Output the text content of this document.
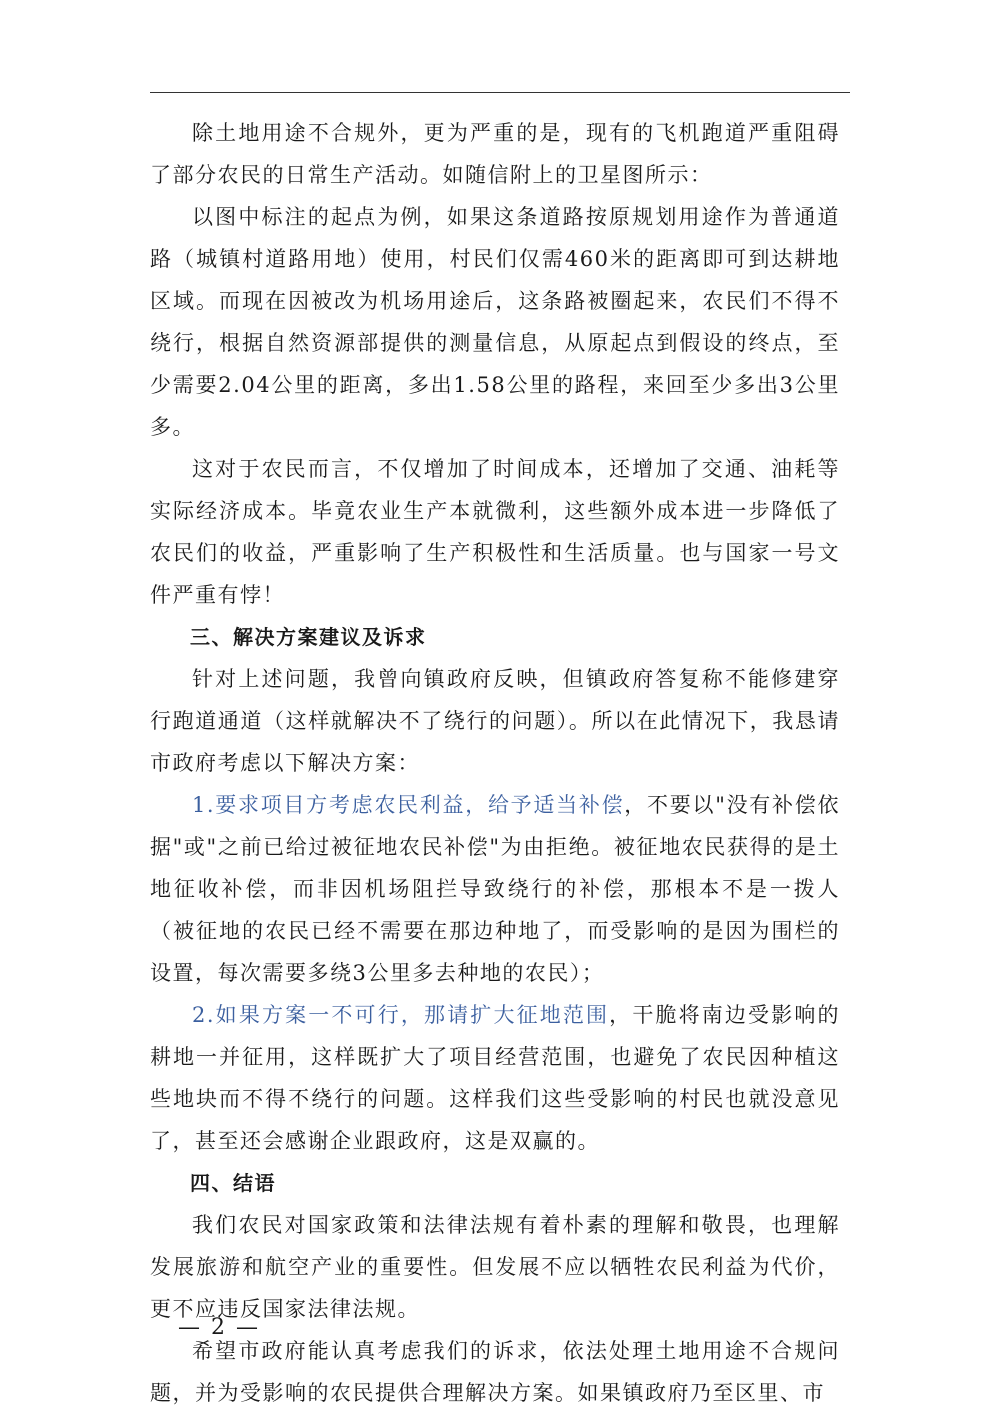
除土地用途不合规外，更为严重的是，现有的飞机跑道严重阻碍了部分农民的日常生产活动。如随信附上的卫星图所示：

以图中标注的起点为例，如果这条道路按原规划用途作为普通道路（城镇村道路用地）使用，村民们仅需460米的距离即可到达耕地区域。而现在因被改为机场用途后，这条路被圈起来，农民们不得不绕行，根据自然资源部提供的测量信息，从原起点到假设的终点，至少需要2.04公里的距离，多出1.58公里的路程，来回至少多出3公里多。

这对于农民而言，不仅增加了时间成本，还增加了交通、油耗等实际经济成本。毕竟农业生产本就微利，这些额外成本进一步降低了农民们的收益，严重影响了生产积极性和生活质量。也与国家一号文件严重有悖！

三、解决方案建议及诉求

针对上述问题，我曾向镇政府反映，但镇政府答复称不能修建穿行跑道通道（这样就解决不了绕行的问题）。所以在此情况下，我恳请市政府考虑以下解决方案：

1.要求项目方考虑农民利益，给予适当补偿，不要以"没有补偿依据"或"之前已给过被征地农民补偿"为由拒绝。被征地农民获得的是土地征收补偿，而非因机场阻拦导致绕行的补偿，那根本不是一拨人（被征地的农民已经不需要在那边种地了，而受影响的是因为围栏的设置，每次需要多绕3公里多去种地的农民）；

2.如果方案一不可行，那请扩大征地范围，干脆将南边受影响的耕地一并征用，这样既扩大了项目经营范围，也避免了农民因种植这些地块而不得不绕行的问题。这样我们这些受影响的村民也就没意见了，甚至还会感谢企业跟政府，这是双赢的。

四、结语

我们农民对国家政策和法律法规有着朴素的理解和敬畏，也理解发展旅游和航空产业的重要性。但发展不应以牺牲农民利益为代价，更不应违反国家法律法规。

希望市政府能认真考虑我们的诉求，依法处理土地用途不合规问题，并为受影响的农民提供合理解决方案。如果镇政府乃至区里、市

— 2 —
